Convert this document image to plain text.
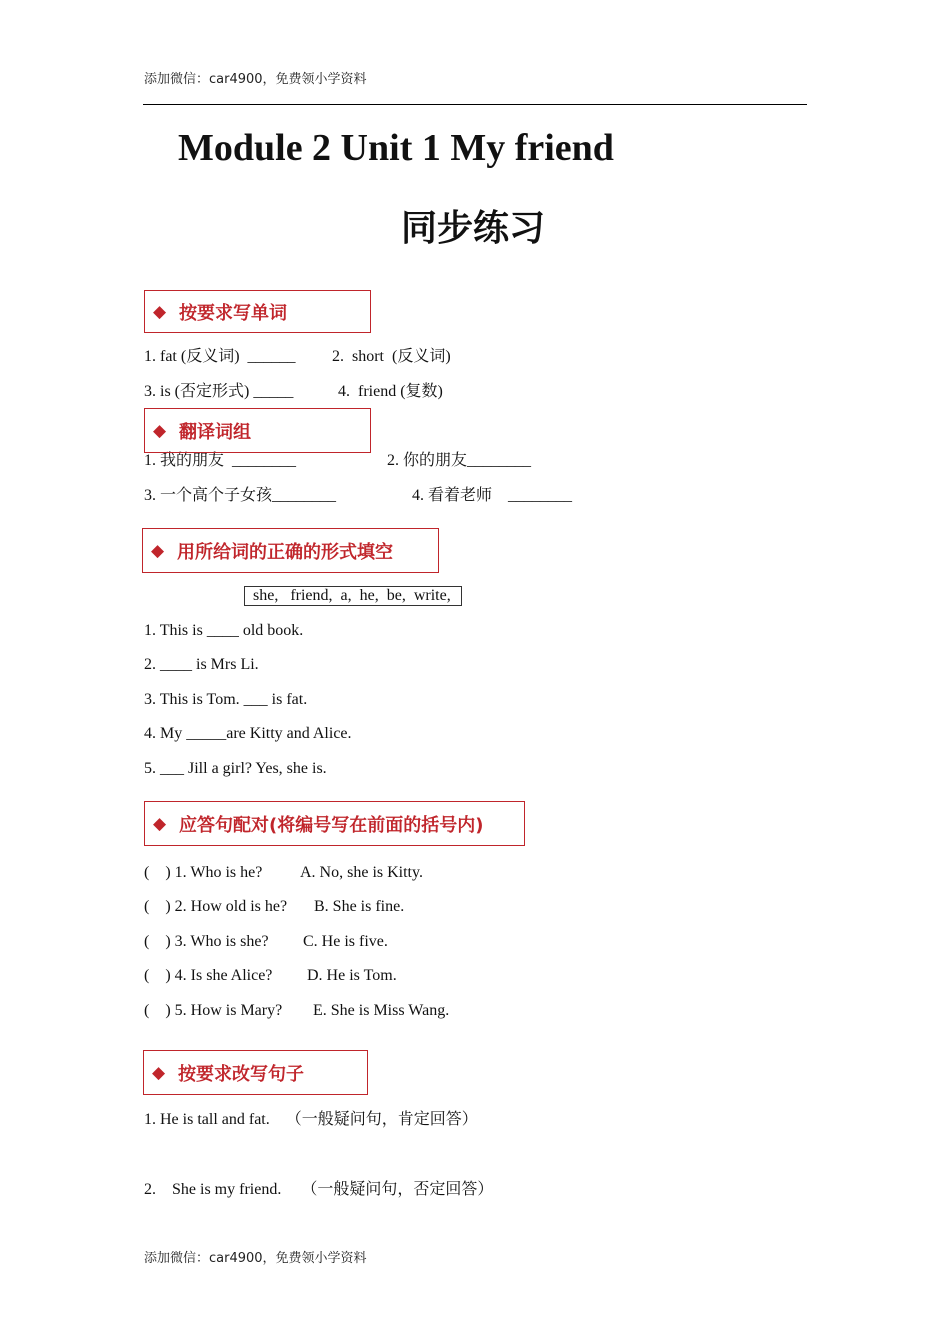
添加微信：car4900，免费领小学资料
Module 2 Unit 1 My friend
同步练习
◆ 按要求写单词
1. fat (反义词)  ______ 2.  short  (反义词)
3. is (否定形式) _____	4.  friend (复数)
1. 我的朋友  ________	2. 你的朋友________
3. 一个高个子女孩________	4. 看着老师    ________
◆ 翻译词组
◆ 用所给词的正确的形式填空
she,   friend,  a,  he,  be,  write,
1. This is ____ old book.
2. ____ is Mrs Li.
3. This is Tom. ___ is fat.
4. My _____are Kitty and Alice.
5. ___ Jill a girl? Yes, she is.
◆ 应答句配对(将编号写在前面的括号内)
(    ) 1. Who is he? A. No, she is Kitty.
(    ) 2. How old is he? B. She is fine.
(    ) 3. Who is she? C. He is five.
(    ) 4. Is she Alice? D. He is Tom.
(    ) 5. How is Mary? E. She is Miss Wang.
◆ 按要求改写句子
1. He is tall and fat.    （一般疑问句，肯定回答）
2.    She is my friend.     （一般疑问句，否定回答）
添加微信：car4900，免费领小学资料
